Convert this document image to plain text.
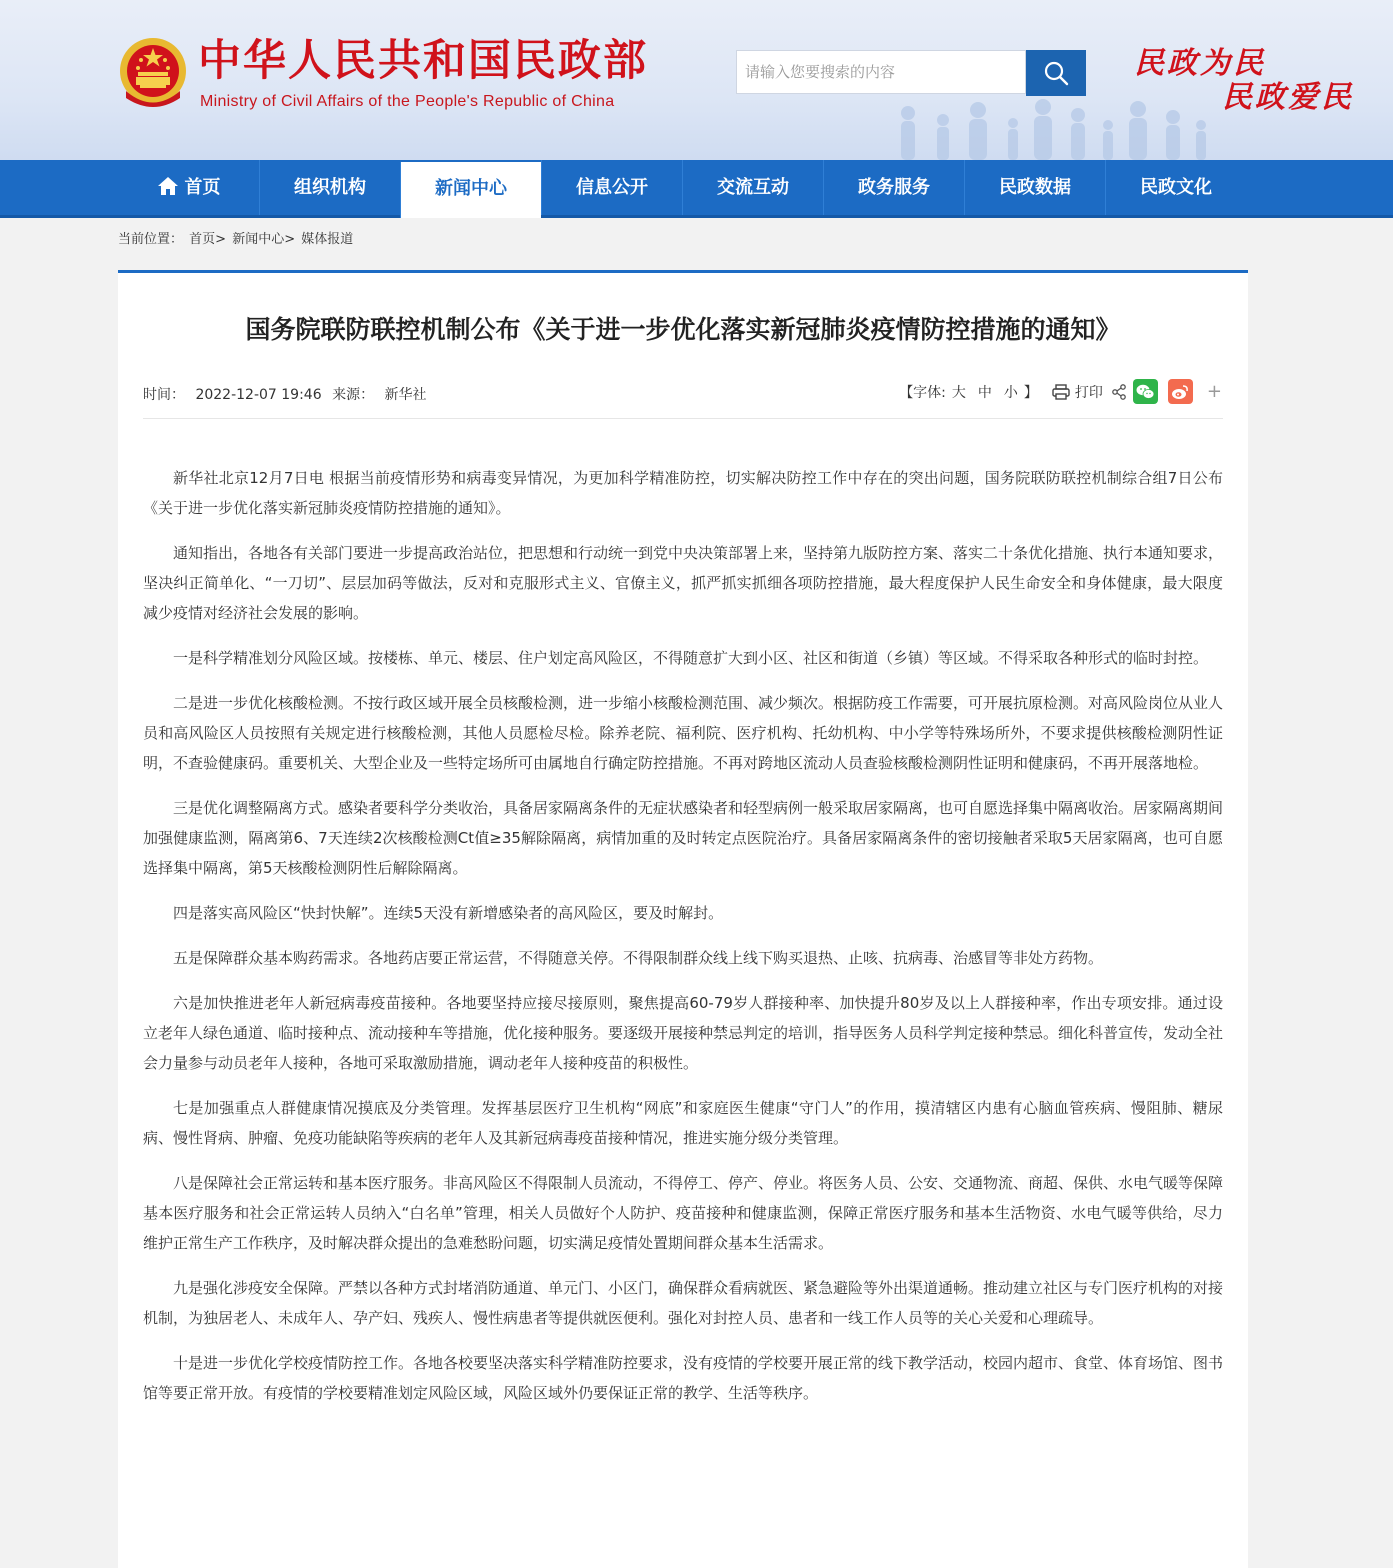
中华人民共和国民政部
Ministry of Civil Affairs of the People's Republic of China
请输入您要搜索的内容	民政为民
民政爱民
首页	组织机构	新闻中心	信息公开	交流互动	政务服务	民政数据	民政文化
当前位置： 首页> 新闻中心> 媒体报道
国务院联防联控机制公布《关于进一步优化落实新冠肺炎疫情防控措施的通知》
时间： 2022-12-07 19:46 来源： 新华社	【字体: 大 中 小 】	打印	+

新华社北京12月7日电 根据当前疫情形势和病毒变异情况，为更加科学精准防控，切实解决防控工作中存在的突出问题，国务院联防联控机制综合组7日公布《关于进一步优化落实新冠肺炎疫情防控措施的通知》。

通知指出，各地各有关部门要进一步提高政治站位，把思想和行动统一到党中央决策部署上来，坚持第九版防控方案、落实二十条优化措施、执行本通知要求，坚决纠正简单化、“一刀切”、层层加码等做法，反对和克服形式主义、官僚主义，抓严抓实抓细各项防控措施，最大程度保护人民生命安全和身体健康，最大限度减少疫情对经济社会发展的影响。

一是科学精准划分风险区域。按楼栋、单元、楼层、住户划定高风险区，不得随意扩大到小区、社区和街道（乡镇）等区域。不得采取各种形式的临时封控。

二是进一步优化核酸检测。不按行政区域开展全员核酸检测，进一步缩小核酸检测范围、减少频次。根据防疫工作需要，可开展抗原检测。对高风险岗位从业人员和高风险区人员按照有关规定进行核酸检测，其他人员愿检尽检。除养老院、福利院、医疗机构、托幼机构、中小学等特殊场所外，不要求提供核酸检测阴性证明，不查验健康码。重要机关、大型企业及一些特定场所可由属地自行确定防控措施。不再对跨地区流动人员查验核酸检测阴性证明和健康码，不再开展落地检。

三是优化调整隔离方式。感染者要科学分类收治，具备居家隔离条件的无症状感染者和轻型病例一般采取居家隔离，也可自愿选择集中隔离收治。居家隔离期间加强健康监测，隔离第6、7天连续2次核酸检测Ct值≥35解除隔离，病情加重的及时转定点医院治疗。具备居家隔离条件的密切接触者采取5天居家隔离，也可自愿选择集中隔离，第5天核酸检测阴性后解除隔离。

四是落实高风险区“快封快解”。连续5天没有新增感染者的高风险区，要及时解封。

五是保障群众基本购药需求。各地药店要正常运营，不得随意关停。不得限制群众线上线下购买退热、止咳、抗病毒、治感冒等非处方药物。

六是加快推进老年人新冠病毒疫苗接种。各地要坚持应接尽接原则，聚焦提高60-79岁人群接种率、加快提升80岁及以上人群接种率，作出专项安排。通过设立老年人绿色通道、临时接种点、流动接种车等措施，优化接种服务。要逐级开展接种禁忌判定的培训，指导医务人员科学判定接种禁忌。细化科普宣传，发动全社会力量参与动员老年人接种，各地可采取激励措施，调动老年人接种疫苗的积极性。

七是加强重点人群健康情况摸底及分类管理。发挥基层医疗卫生机构“网底”和家庭医生健康“守门人”的作用，摸清辖区内患有心脑血管疾病、慢阻肺、糖尿病、慢性肾病、肿瘤、免疫功能缺陷等疾病的老年人及其新冠病毒疫苗接种情况，推进实施分级分类管理。

八是保障社会正常运转和基本医疗服务。非高风险区不得限制人员流动，不得停工、停产、停业。将医务人员、公安、交通物流、商超、保供、水电气暖等保障基本医疗服务和社会正常运转人员纳入“白名单”管理，相关人员做好个人防护、疫苗接种和健康监测，保障正常医疗服务和基本生活物资、水电气暖等供给，尽力维护正常生产工作秩序，及时解决群众提出的急难愁盼问题，切实满足疫情处置期间群众基本生活需求。

九是强化涉疫安全保障。严禁以各种方式封堵消防通道、单元门、小区门，确保群众看病就医、紧急避险等外出渠道通畅。推动建立社区与专门医疗机构的对接机制，为独居老人、未成年人、孕产妇、残疾人、慢性病患者等提供就医便利。强化对封控人员、患者和一线工作人员等的关心关爱和心理疏导。

十是进一步优化学校疫情防控工作。各地各校要坚决落实科学精准防控要求，没有疫情的学校要开展正常的线下教学活动，校园内超市、食堂、体育场馆、图书馆等要正常开放。有疫情的学校要精准划定风险区域，风险区域外仍要保证正常的教学、生活等秩序。
